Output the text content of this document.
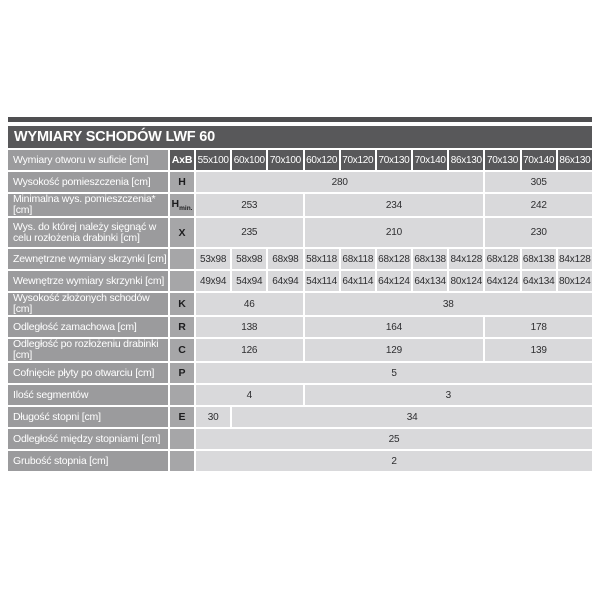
WYMIARY SCHODÓW LWF 60
Wymiary otworu w suficie [cm]	AxB	55x100	60x100	70x100	60x120	70x120	70x130	70x140	86x130	70x130	70x140	86x130
Wysokość pomieszczenia [cm]	H	280								305		
Minimalna wys. pomieszczenia* [cm]	$H_{min.}$	253			234					242		
Wys. do której należy sięgnąć w celu rozłożenia drabinki [cm]	X	235			210					230		
Zewnętrzne wymiary skrzynki [cm]		53x98	58x98	68x98	58x118	68x118	68x128	68x138	84x128	68x128	68x138	84x128
Wewnętrze wymiary skrzynki [cm]		49x94	54x94	64x94	54x114	64x114	64x124	64x134	80x124	64x124	64x134	80x124
Wysokość złożonych schodów [cm]	K	46			38							
Odległość zamachowa [cm]	R	138			164					178		
Odległość po rozłożeniu drabinki [cm]	C	126			129					139		
Cofnięcie płyty po otwarciu [cm]	P	5										
Ilość segmentów		4			3							
Długość stopni [cm]	E	30	34									
Odległość między stopniami [cm]		25										
Grubość stopnia [cm]		2										
